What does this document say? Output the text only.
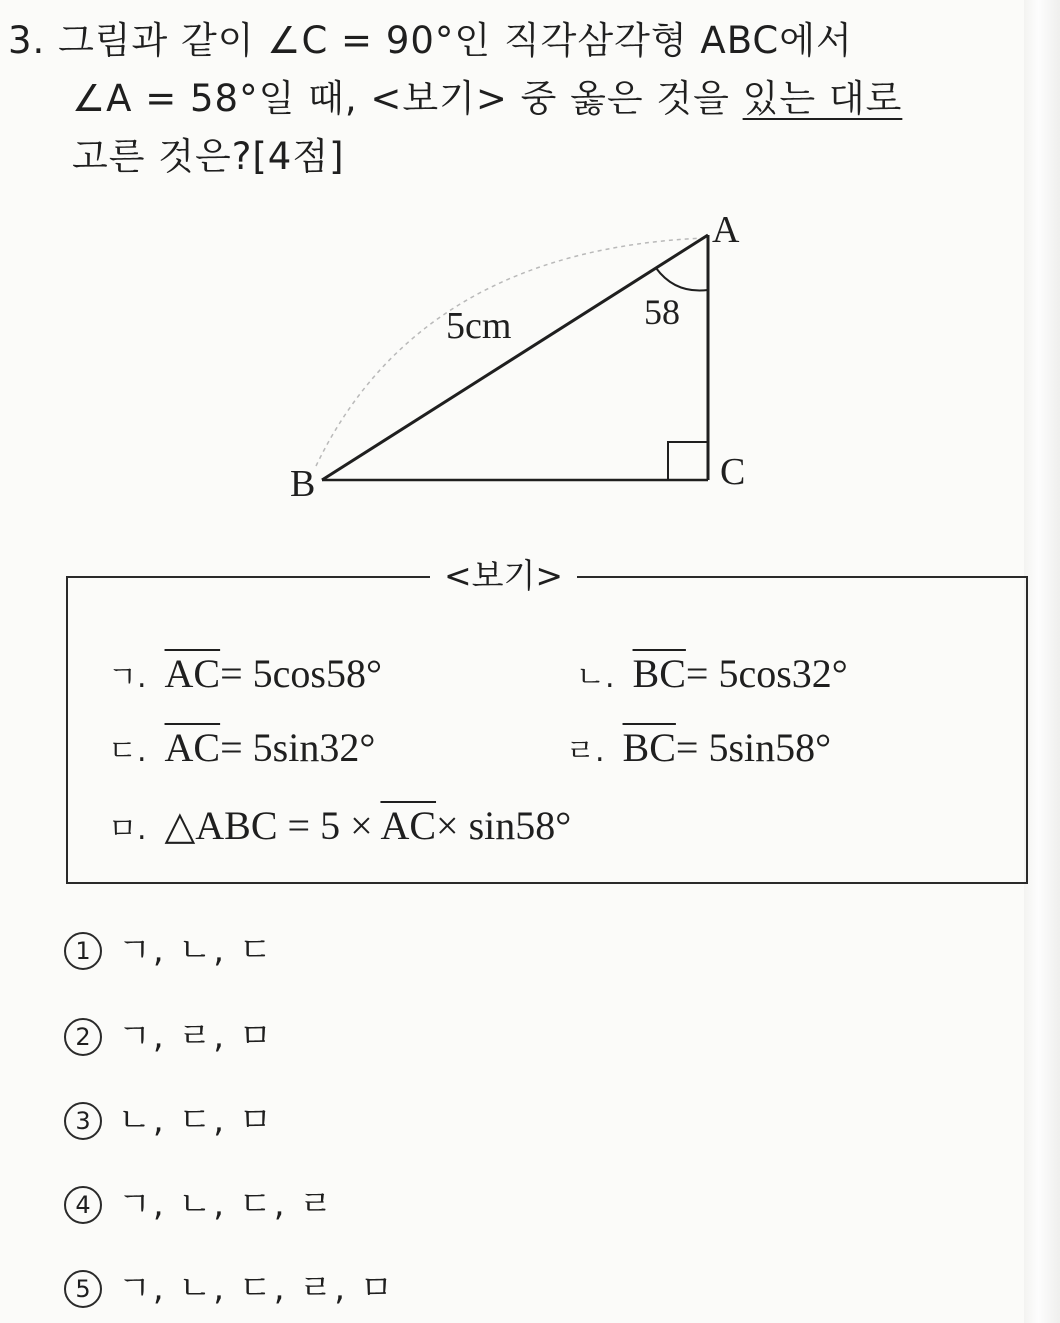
3. 그림과 같이 ∠C = 90°인 직각삼각형 ABC에서
∠A = 58°일 때, <보기> 중 옳은 것을 있는 대로
고른 것은?[4점]
A
B	C
5cm	58
<보기>
ㄱ. $\overline{AC}= 5\cos 58^\circ$	ㄴ. $\overline{BC}= 5\cos 32^\circ$
ㄷ. $\overline{AC}= 5\sin 32^\circ$	ㄹ. $\overline{BC}= 5\sin 58^\circ$
ㅁ. △ABC = $5 \times \overline{AC}\times \sin 58^\circ$
1 ㄱ, ㄴ, ㄷ
2 ㄱ, ㄹ, ㅁ
3 ㄴ, ㄷ, ㅁ
4 ㄱ, ㄴ, ㄷ, ㄹ
5 ㄱ, ㄴ, ㄷ, ㄹ, ㅁ
